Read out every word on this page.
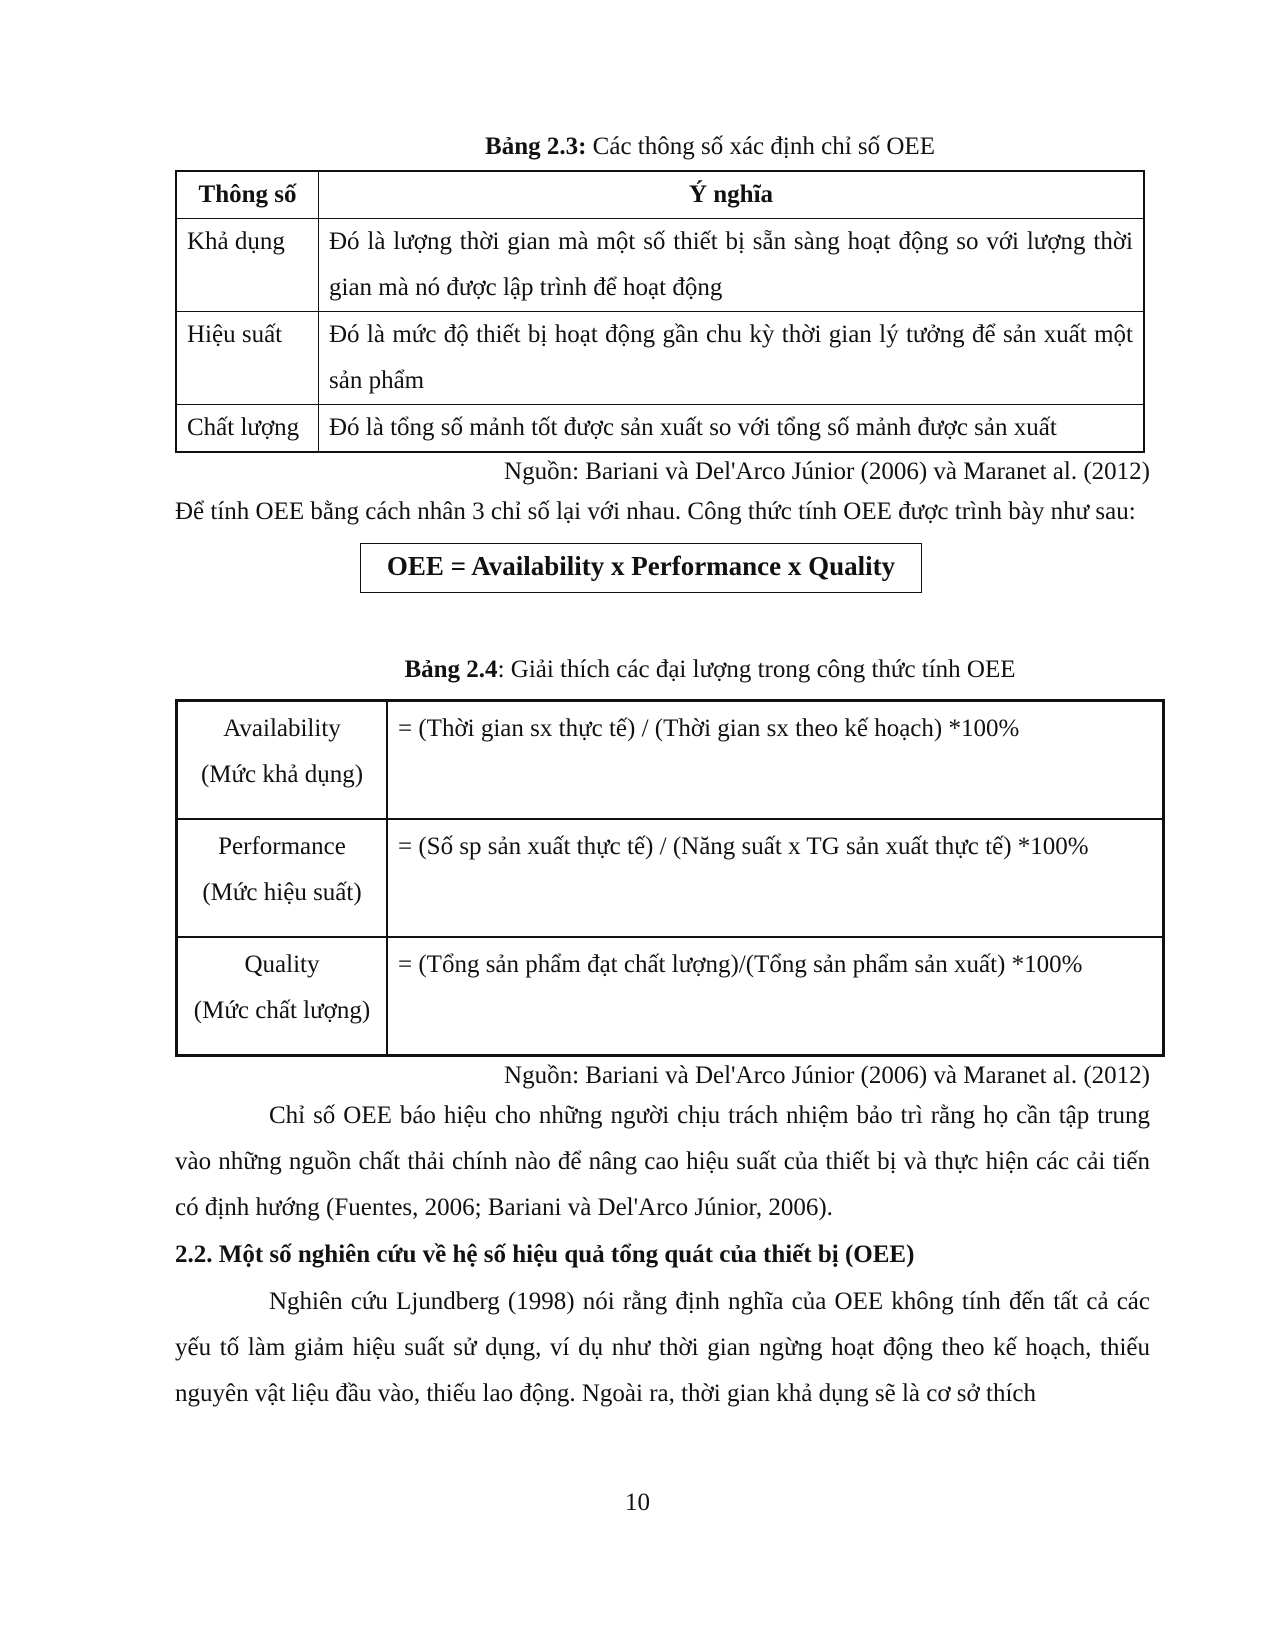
Bảng 2.3: Các thông số xác định chỉ số OEE
Thông số	Ý nghĩa
Khả dụng	Đó là lượng thời gian mà một số thiết bị sẵn sàng hoạt động so với lượng thời gian mà nó được lập trình để hoạt động
Hiệu suất	Đó là mức độ thiết bị hoạt động gần chu kỳ thời gian lý tưởng để sản xuất một sản phẩm
Chất lượng	Đó là tổng số mảnh tốt được sản xuất so với tổng số mảnh được sản xuất
Nguồn: Bariani và Del'Arco Júnior (2006) và Maranet al. (2012)
Để tính OEE bằng cách nhân 3 chỉ số lại với nhau. Công thức tính OEE được trình bày như sau:
OEE = Availability x Performance x Quality
Bảng 2.4: Giải thích các đại lượng trong công thức tính OEE
Availability
(Mức khả dụng)	= (Thời gian sx thực tế) / (Thời gian sx theo kế hoạch) *100%

Performance
(Mức hiệu suất)	= (Số sp sản xuất thực tế) / (Năng suất x TG sản xuất thực tế) *100%

Quality
(Mức chất lượng)	= (Tổng sản phẩm đạt chất lượng)/(Tổng sản phẩm sản xuất) *100%
Nguồn: Bariani và Del'Arco Júnior (2006) và Maranet al. (2012)
Chỉ số OEE báo hiệu cho những người chịu trách nhiệm bảo trì rằng họ cần tập trung vào những nguồn chất thải chính nào để nâng cao hiệu suất của thiết bị và thực hiện các cải tiến có định hướng (Fuentes, 2006; Bariani và Del'Arco Júnior, 2006).
2.2. Một số nghiên cứu về hệ số hiệu quả tổng quát của thiết bị (OEE)
Nghiên cứu Ljundberg (1998) nói rằng định nghĩa của OEE không tính đến tất cả các yếu tố làm giảm hiệu suất sử dụng, ví dụ như thời gian ngừng hoạt động theo kế hoạch, thiếu nguyên vật liệu đầu vào, thiếu lao động. Ngoài ra, thời gian khả dụng sẽ là cơ sở thích
10
